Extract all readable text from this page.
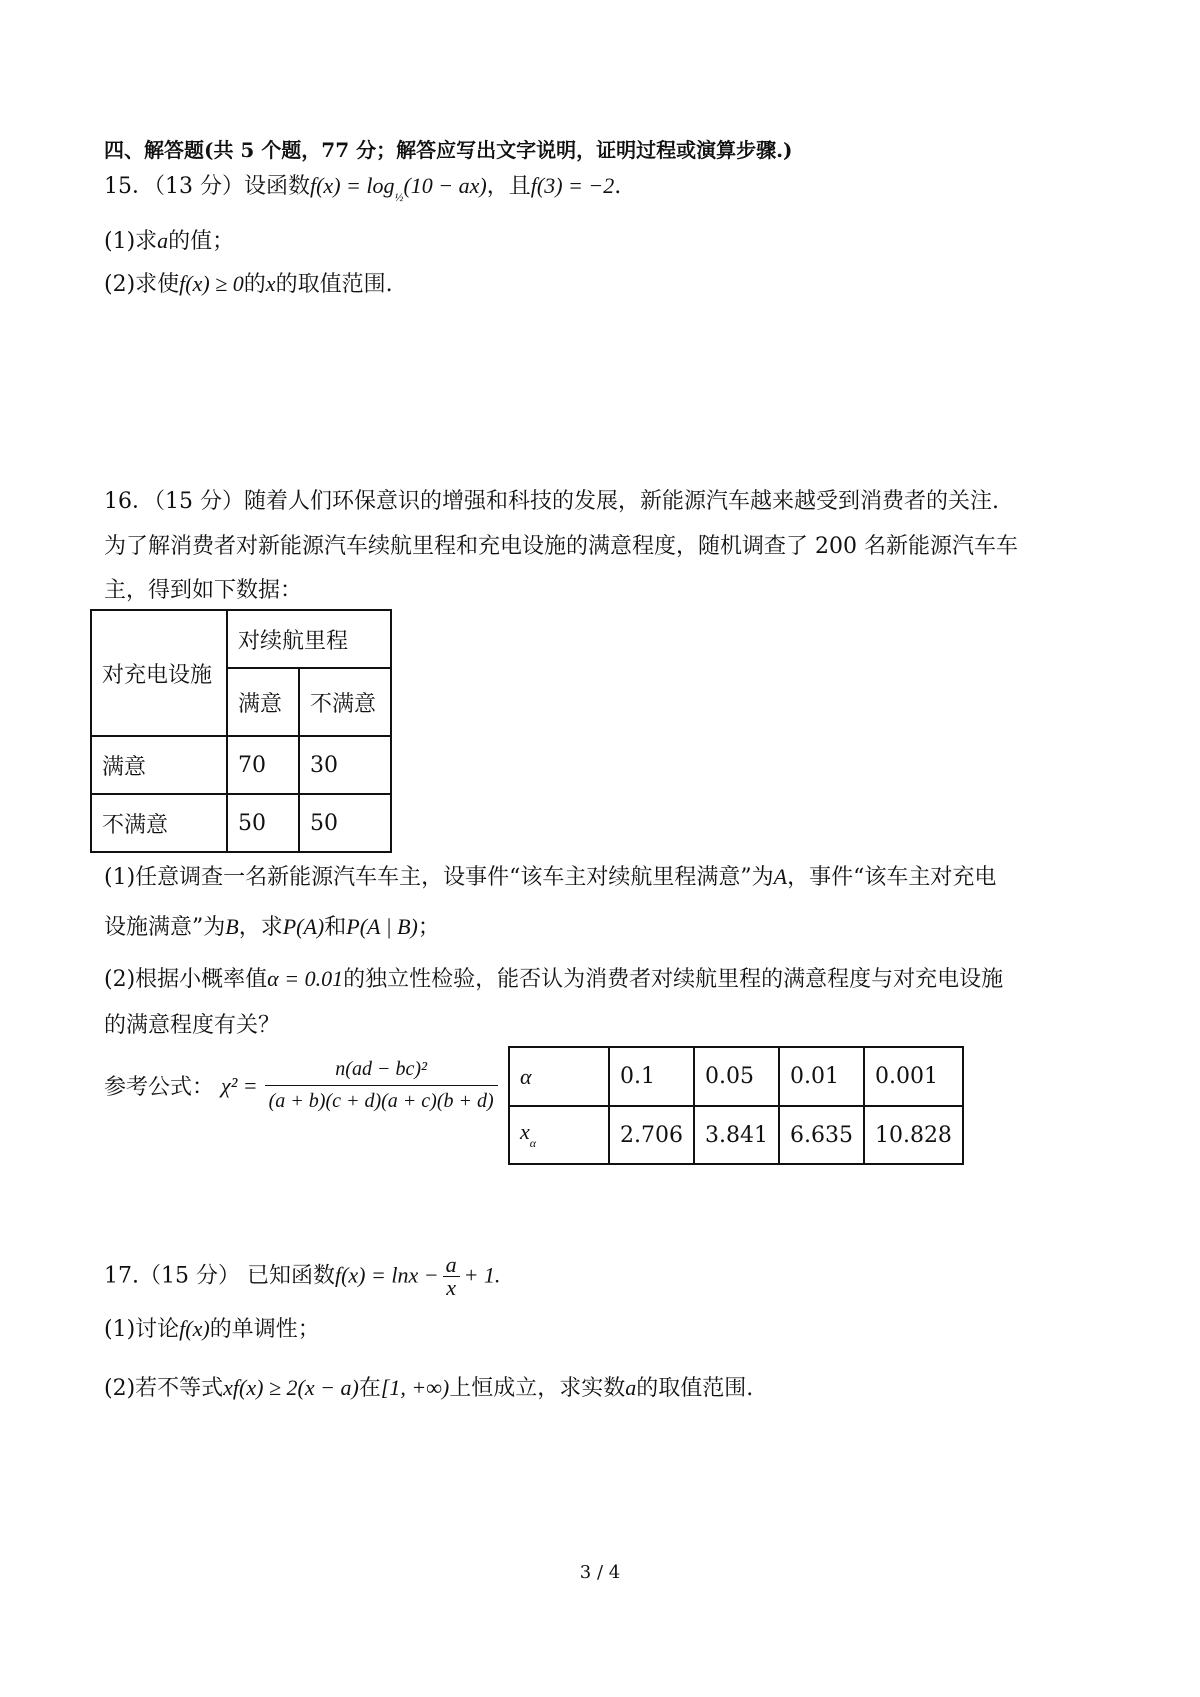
四、解答题(共 5 个题，77 分；解答应写出文字说明，证明过程或演算步骤.)
15．（13 分）设函数$f(x) = \log_{\frac{1}{2}}(10 - ax)$，且f(3) = −2.
(1)求a的值；
(2)求使f(x) ≥ 0的x的取值范围.
16．（15 分）随着人们环保意识的增强和科技的发展，新能源汽车越来越受到消费者的关注.
为了解消费者对新能源汽车续航里程和充电设施的满意程度，随机调查了 200 名新能源汽车车
主，得到如下数据：
对充电设施	对续航里程	
	满意	不满意
满意	70	30
不满意	50	50
(1)任意调查一名新能源汽车车主，设事件“该车主对续航里程满意”为A，事件“该车主对充电
设施满意”为B，求P(A)和P(A | B)；
(2)根据小概率值α = 0.01的独立性检验，能否认为消费者对续航里程的满意程度与对充电设施
的满意程度有关？
参考公式： $\chi^2 = \frac{\text{n(ad − bc)²}}{(a + b)(c + d)(a + c)(b + d)}$ α	0.1	0.05	0.01	0.001
$x_\alpha$	2.706	3.841	6.635	10.828
17.（15 分） 已知函数$f(x) = \ln x - \frac{a}{x} + 1$.
(1)讨论f(x)的单调性；
(2)若不等式xf(x) ≥ 2(x − a)在[1, +∞)上恒成立，求实数a的取值范围.
3 / 4
